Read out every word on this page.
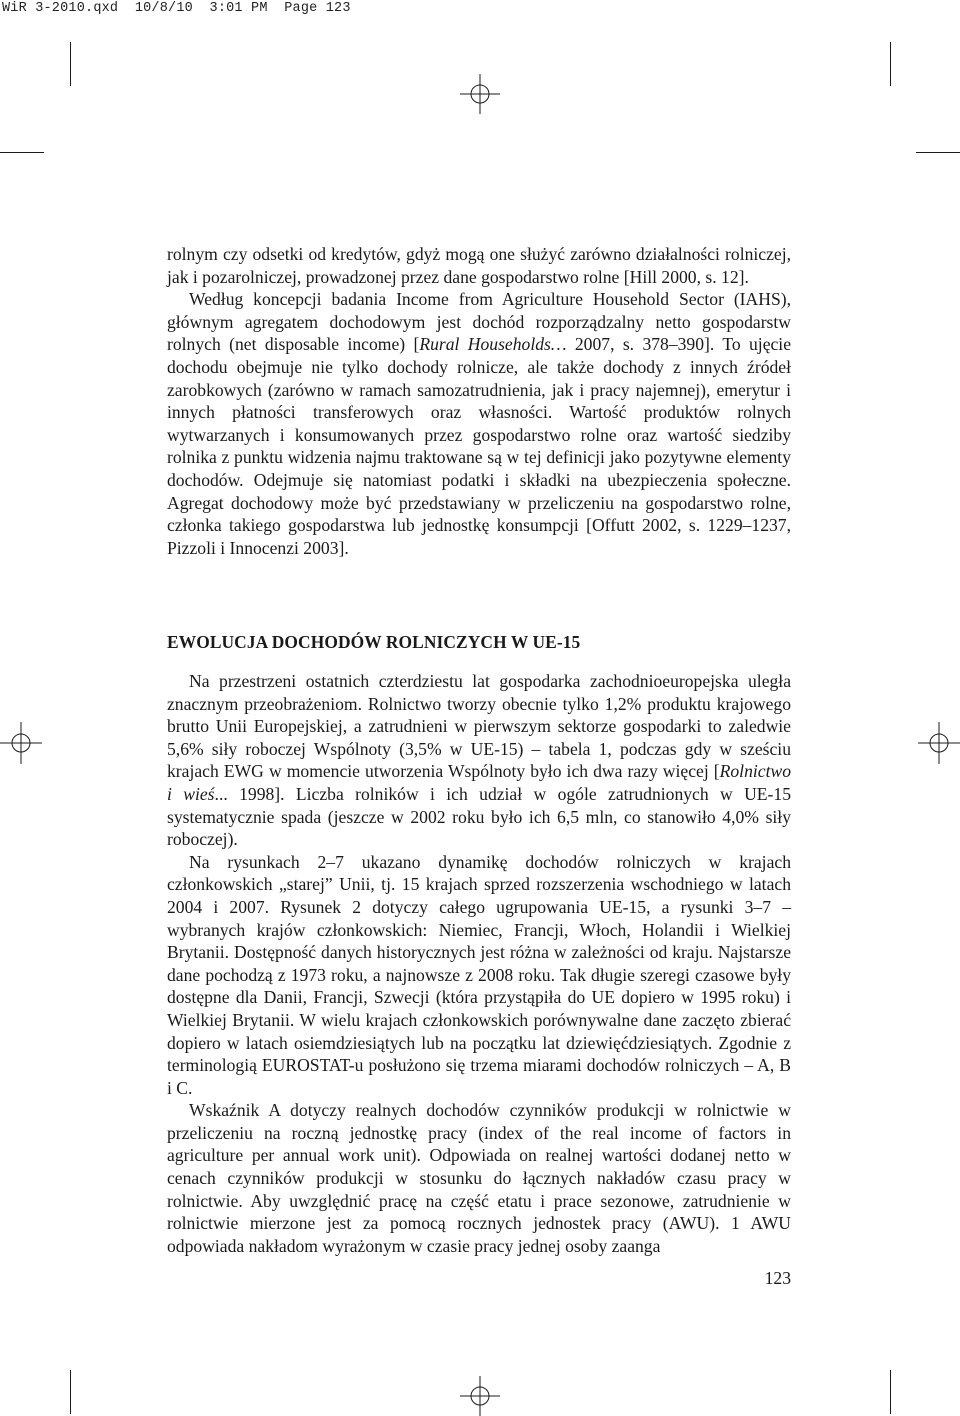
WiR 3-2010.qxd  10/8/10  3:01 PM  Page 123

rolnym czy odsetki od kredytów, gdyż mogą one służyć zarówno działalności rolniczej, jak i pozarolniczej, prowadzonej przez dane gospodarstwo rolne [Hill 2000, s. 12].

Według koncepcji badania Income from Agriculture Household Sector (IAHS), głównym agregatem dochodowym jest dochód rozporządzalny netto gospodarstw rolnych (net disposable income) [Rural Households… 2007, s. 378–390]. To ujęcie dochodu obejmuje nie tylko dochody rolnicze, ale także dochody z innych źródeł zarobkowych (zarówno w ramach samozatrudnienia, jak i pracy najemnej), emerytur i innych płatności transferowych oraz własności. Wartość produktów rolnych wytwarzanych i konsumowanych przez gospodarstwo rolne oraz wartość siedziby rolnika z punktu widzenia najmu traktowane są w tej definicji jako pozytywne elementy dochodów. Odejmuje się natomiast podatki i składki na ubezpieczenia społeczne. Agregat dochodowy może być przedstawiany w przeliczeniu na gospodarstwo rolne, członka takiego gospodarstwa lub jednostkę konsumpcji [Offutt 2002, s. 1229–1237, Pizzoli i Innocenzi 2003].

EWOLUCJA DOCHODÓW ROLNICZYCH W UE-15

Na przestrzeni ostatnich czterdziestu lat gospodarka zachodnioeuropejska uległa znacznym przeobrażeniom. Rolnictwo tworzy obecnie tylko 1,2% produktu krajowego brutto Unii Europejskiej, a zatrudnieni w pierwszym sektorze gospodarki to zaledwie 5,6% siły roboczej Wspólnoty (3,5% w UE-15) – tabela 1, podczas gdy w sześciu krajach EWG w momencie utworzenia Wspólnoty było ich dwa razy więcej [Rolnictwo i wieś... 1998]. Liczba rolników i ich udział w ogóle zatrudnionych w UE-15 systematycznie spada (jeszcze w 2002 roku było ich 6,5 mln, co stanowiło 4,0% siły roboczej).

Na rysunkach 2–7 ukazano dynamikę dochodów rolniczych w krajach członkowskich „starej” Unii, tj. 15 krajach sprzed rozszerzenia wschodniego w latach 2004 i 2007. Rysunek 2 dotyczy całego ugrupowania UE-15, a rysunki 3–7 – wybranych krajów członkowskich: Niemiec, Francji, Włoch, Holandii i Wielkiej Brytanii. Dostępność danych historycznych jest różna w zależności od kraju. Najstarsze dane pochodzą z 1973 roku, a najnowsze z 2008 roku. Tak długie szeregi czasowe były dostępne dla Danii, Francji, Szwecji (która przystąpiła do UE dopiero w 1995 roku) i Wielkiej Brytanii. W wielu krajach członkowskich porównywalne dane zaczęto zbierać dopiero w latach osiemdziesiątych lub na początku lat dziewięćdziesiątych. Zgodnie z terminologią EUROSTAT-u posłużono się trzema miarami dochodów rolniczych – A, B i C.

Wskaźnik A dotyczy realnych dochodów czynników produkcji w rolnictwie w przeliczeniu na roczną jednostkę pracy (index of the real income of factors in agriculture per annual work unit). Odpowiada on realnej wartości dodanej netto w cenach czynników produkcji w stosunku do łącznych nakładów czasu pracy w rolnictwie. Aby uwzględnić pracę na część etatu i prace sezonowe, zatrudnienie w rolnictwie mierzone jest za pomocą rocznych jednostek pracy (AWU). 1 AWU odpowiada nakładom wyrażonym w czasie pracy jednej osoby zaanga

123
